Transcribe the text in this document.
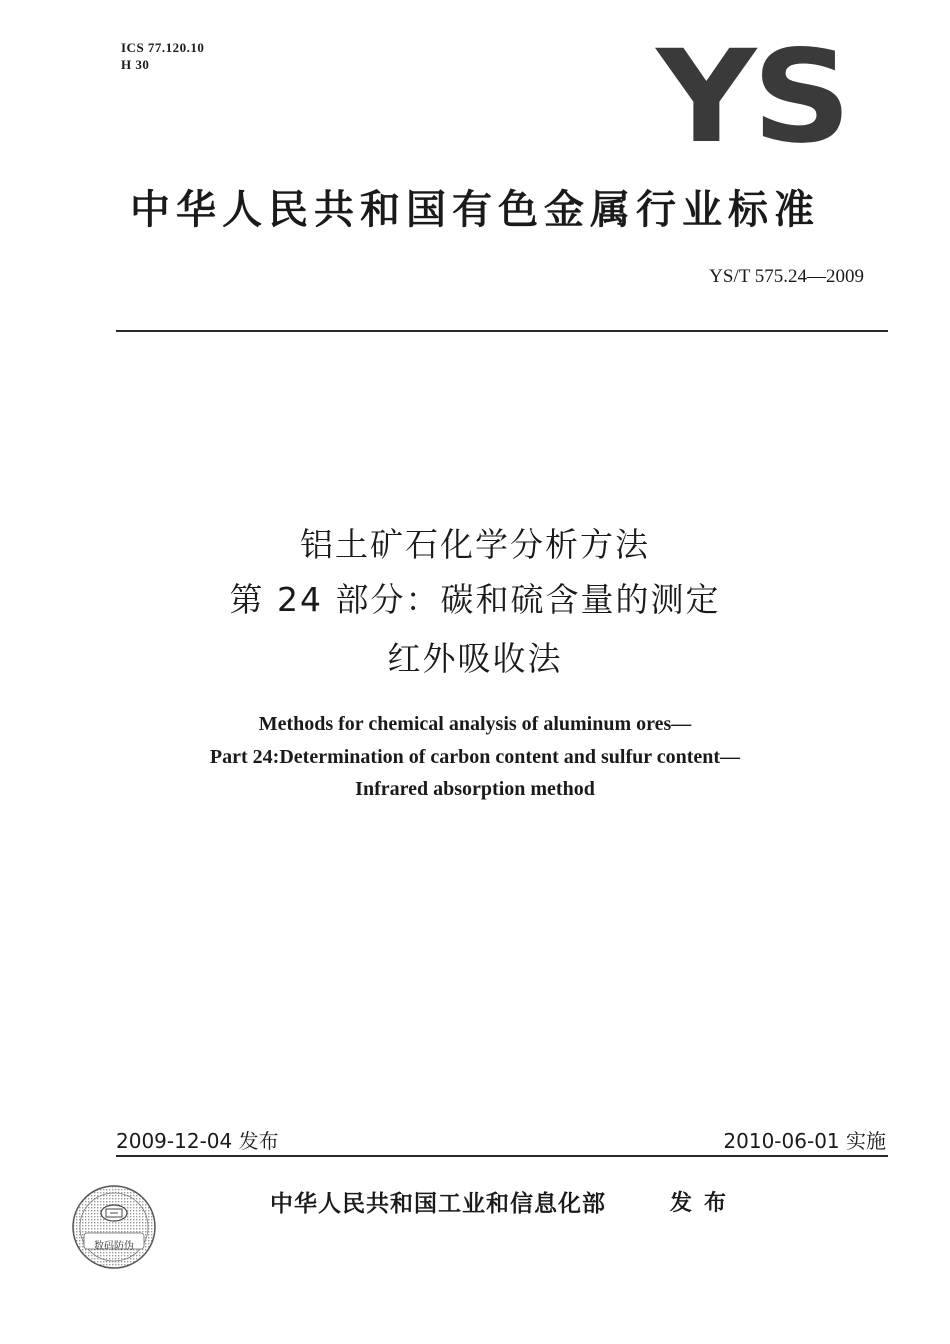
ICS 77.120.10
H 30	YS
中华人民共和国有色金属行业标准
YS/T 575.24—2009
铝土矿石化学分析方法
第 24 部分：碳和硫含量的测定
红外吸收法
Methods for chemical analysis of aluminum ores—
Part 24:Determination of carbon content and sulfur content—
Infrared absorption method
2009-12-04 发布	2010-06-01 实施
数码防伪
中华人民共和国工业和信息化部	发布
